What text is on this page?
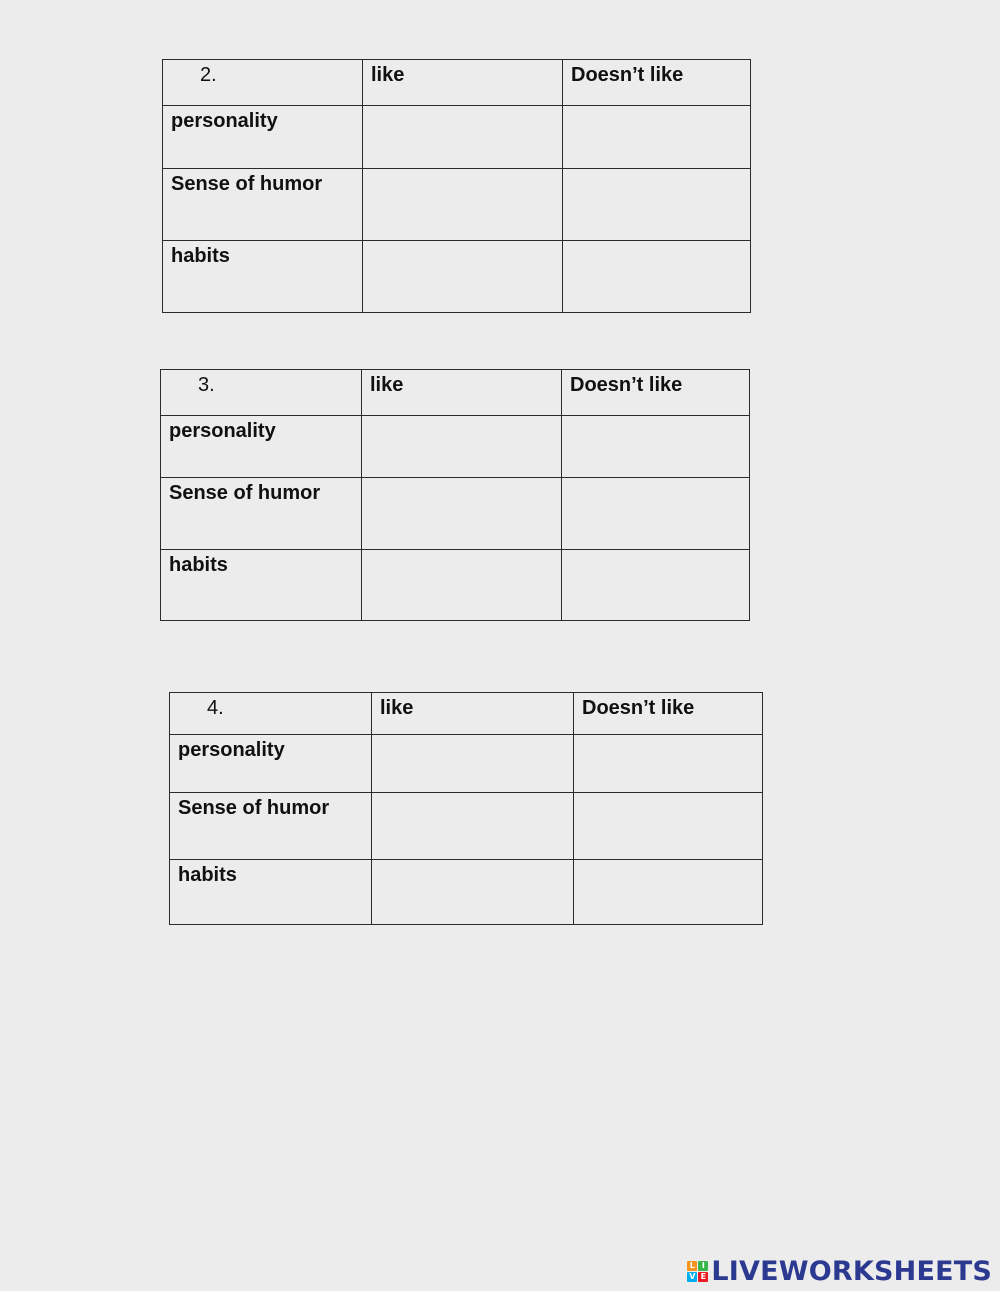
2.	like	Doesn’t like

personality		

Sense of humor		

habits		

3.	like	Doesn’t like

personality		

Sense of humor		

habits		

4.	like	Doesn’t like

personality		

Sense of humor		

habits		

L I
V E LIVEWORKSHEETS
